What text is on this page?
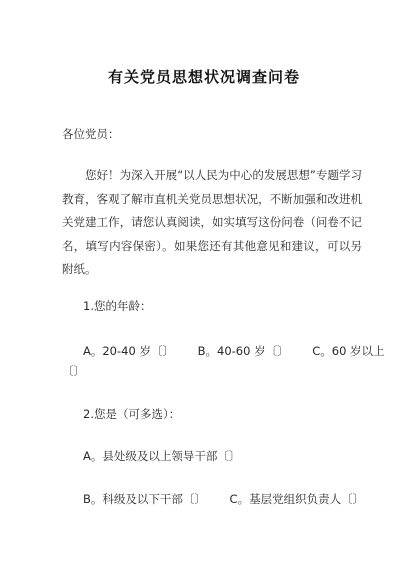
有关党员思想状况调查问卷
各位党员：
您好！为深入开展“以人民为中心的发展思想”专题学习教育，客观了解市直机关党员思想状况，不断加强和改进机关党建工作，请您认真阅读，如实填写这份问卷（问卷不记名，填写内容保密）。如果您还有其他意见和建议，可以另附纸。
1.您的年龄：
A。20-40 岁〔〕 B。40-60 岁〔〕 C。60 岁以上
〔〕
2.您是（可多选）：
A。县处级及以上领导干部〔〕
B。科级及以下干部〔〕 C。基层党组织负责人〔〕
